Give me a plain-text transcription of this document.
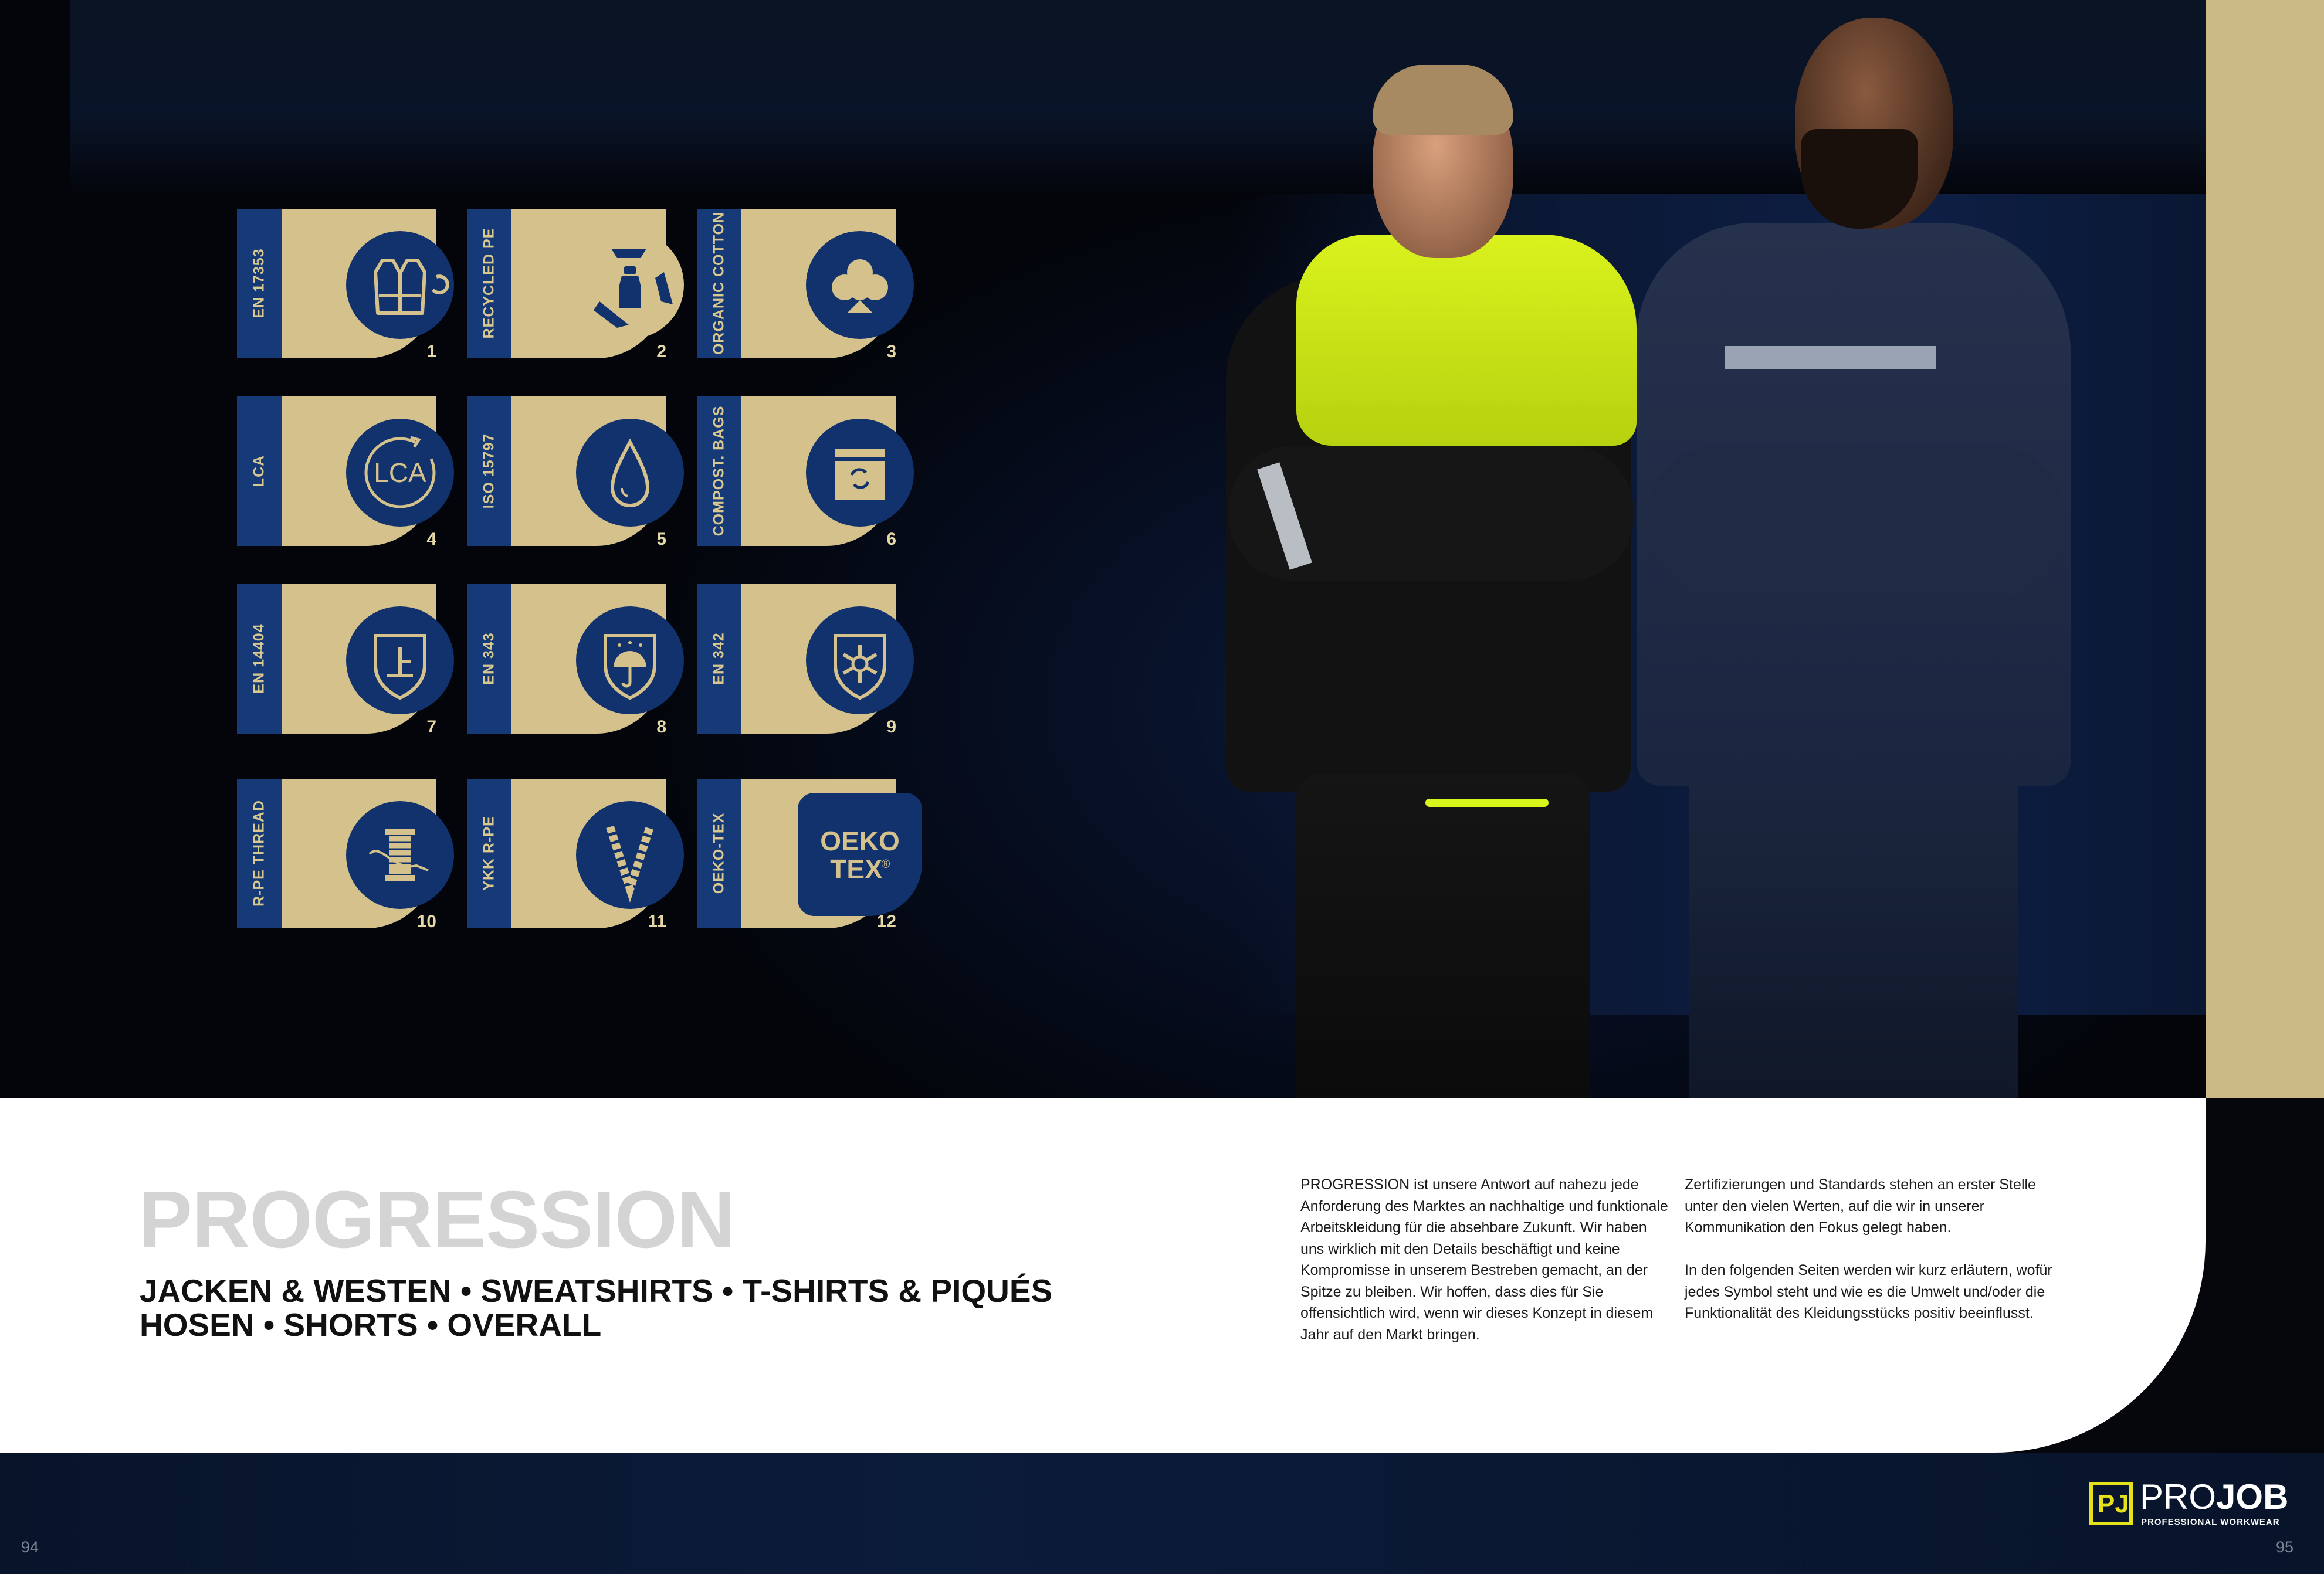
EN 17353
1
RECYCLED PE
2	ORGANIC COTTON	3
LCA	LCA
4
ISO 15797
5
COMPOST. BAGS
6
EN 14404
7
EN 343
8
EN 342
9
R-PE THREAD
10
YKK R-PE
11
OEKO-TEX	OEKO
TEX
®
12
PROGRESSION
JACKEN & WESTEN • SWEATSHIRTS • T-SHIRTS & PIQUÉS
HOSEN • SHORTS • OVERALL

PROGRESSION ist unsere Antwort auf nahezu jede Anforderung des Marktes an nachhaltige und funktionale Arbeitskleidung für die absehbare Zukunft. Wir haben uns wirklich mit den Details beschäftigt und keine Kompromisse in unserem Bestreben gemacht, an der Spitze zu bleiben. Wir hoffen, dass dies für Sie offensichtlich wird, wenn wir dieses Konzept in diesem Jahr auf den Markt bringen.

Zertifizierungen und Standards stehen an erster Stelle unter den vielen Werten, auf die wir in unserer Kommunikation den Fokus gelegt haben.

In den folgenden Seiten werden wir kurz erläutern, wofür jedes Symbol steht und wie es die Umwelt und/oder die Funktionalität des Kleidungsstücks positiv beeinflusst.

94	95
PJ PROJOB
PROFESSIONAL WORKWEAR
